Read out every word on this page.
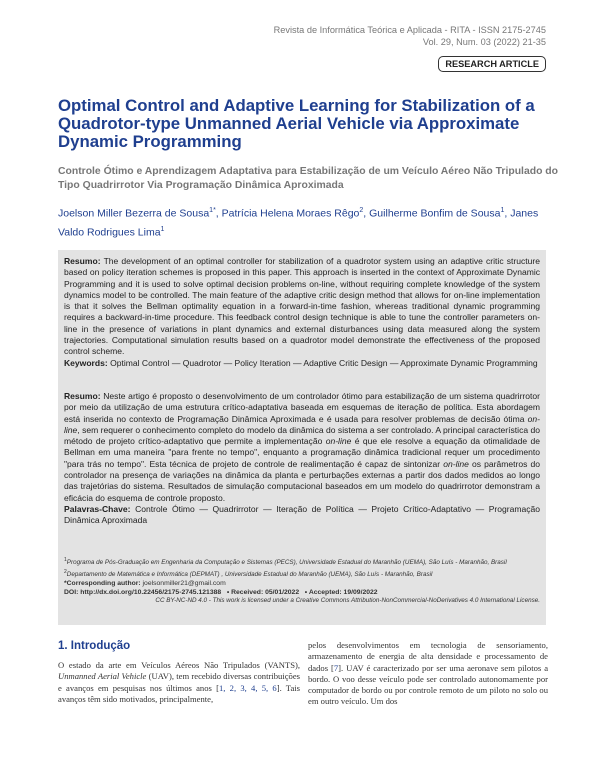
Revista de Informática Teórica e Aplicada - RITA - ISSN 2175-2745
Vol. 29, Num. 03 (2022) 21-35
RESEARCH ARTICLE
Optimal Control and Adaptive Learning for Stabilization of a Quadrotor-type Unmanned Aerial Vehicle via Approximate Dynamic Programming
Controle Ótimo e Aprendizagem Adaptativa para Estabilização de um Veículo Aéreo Não Tripulado do Tipo Quadrirrotor Via Programação Dinâmica Aproximada
Joelson Miller Bezerra de Sousa$^{1*}$, Patrícia Helena Moraes Rêgo$^2$, Guilherme Bonfim de Sousa$^1$, Janes Valdo Rodrigues Lima$^1$

Resumo: The development of an optimal controller for stabilization of a quadrotor system using an adaptive critic structure based on policy iteration schemes is proposed in this paper. This approach is inserted in the context of Approximate Dynamic Programming and it is used to solve optimal decision problems on-line, without requiring complete knowledge of the system dynamics model to be controlled. The main feature of the adaptive critic design method that allows for on-line implementation is that it solves the Bellman optimality equation in a forward-in-time fashion, whereas traditional dynamic programming requires a backward-in-time procedure. This feedback control design technique is able to tune the controller parameters on-line in the presence of variations in plant dynamics and external disturbances using data measured along the system trajectories. Computational simulation results based on a quadrotor model demonstrate the effectiveness of the proposed control scheme.

Keywords: Optimal Control — Quadrotor — Policy Iteration — Adaptive Critic Design — Approximate Dynamic Programming

Resumo: Neste artigo é proposto o desenvolvimento de um controlador ótimo para estabilização de um sistema quadrirrotor por meio da utilização de uma estrutura crítico-adaptativa baseada em esquemas de iteração de política. Esta abordagem está inserida no contexto de Programação Dinâmica Aproximada e é usada para resolver problemas de decisão ótima on-line, sem requerer o conhecimento completo do modelo da dinâmica do sistema a ser controlado. A principal característica do método de projeto crítico-adaptativo que permite a implementação on-line é que ele resolve a equação da otimalidade de Bellman em uma maneira "para frente no tempo", enquanto a programação dinâmica tradicional requer um procedimento "para trás no tempo". Esta técnica de projeto de controle de realimentação é capaz de sintonizar on-line os parâmetros do controlador na presença de variações na dinâmica da planta e perturbações externas a partir dos dados medidos ao longo das trajetórias do sistema. Resultados de simulação computacional baseados em um modelo do quadrirrotor demonstram a eficácia do esquema de controle proposto.

Palavras-Chave: Controle Ótimo — Quadrirrotor — Iteração de Política — Projeto Crítico-Adaptativo — Programação Dinâmica Aproximada

$^1$Programa de Pós-Graduação em Engenharia da Computação e Sistemas (PECS), Universidade Estadual do Maranhão (UEMA), São Luís - Maranhão, Brasil

$^2$Departamento de Matemática e Informática (DEPMAT) , Universidade Estadual do Maranhão (UEMA), São Luís - Maranhão, Brasil

*Corresponding author: joelsonmiller21@gmail.com

DOI: http://dx.doi.org/10.22456/2175-2745.121388 • Received: 05/01/2022 • Accepted: 19/09/2022

CC BY-NC-ND 4.0 - This work is licensed under a Creative Commons Attribution-NonCommercial-NoDerivatives 4.0 International License.

1. Introdução

O estado da arte em Veículos Aéreos Não Tripulados (VANTS), Unmanned Aerial Vehicle (UAV), tem recebido diversas contribuições e avanços em pesquisas nos últimos anos [1, 2, 3, 4, 5, 6]. Tais avanços têm sido motivados, principalmente,

pelos desenvolvimentos em tecnologia de sensoriamento, armazenamento de energia de alta densidade e processamento de dados [7]. UAV é caracterizado por ser uma aeronave sem pilotos a bordo. O voo desse veículo pode ser controlado autonomamente por computador de bordo ou por controle remoto de um piloto no solo ou em outro veículo. Um dos
